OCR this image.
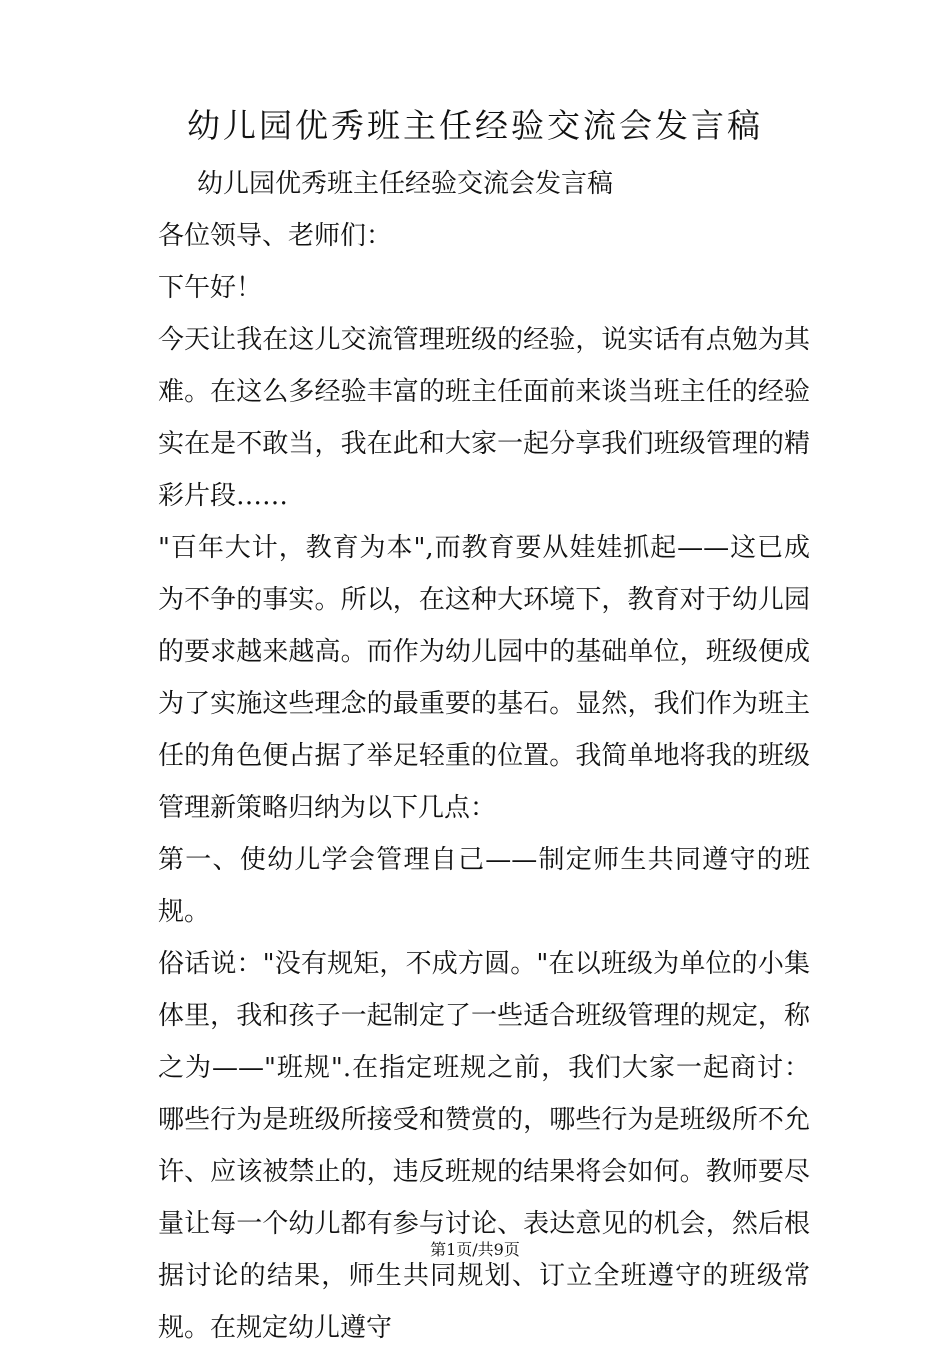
幼儿园优秀班主任经验交流会发言稿

幼儿园优秀班主任经验交流会发言稿

各位领导、老师们：

下午好！

今天让我在这儿交流管理班级的经验，说实话有点勉为其难。在这么多经验丰富的班主任面前来谈当班主任的经验实在是不敢当，我在此和大家一起分享我们班级管理的精彩片段……

"百年大计，教育为本",而教育要从娃娃抓起——这已成为不争的事实。所以，在这种大环境下，教育对于幼儿园的要求越来越高。而作为幼儿园中的基础单位，班级便成为了实施这些理念的最重要的基石。显然，我们作为班主任的角色便占据了举足轻重的位置。我简单地将我的班级管理新策略归纳为以下几点：

第一、使幼儿学会管理自己——制定师生共同遵守的班规。

俗话说："没有规矩，不成方圆。"在以班级为单位的小集体里，我和孩子一起制定了一些适合班级管理的规定，称之为——"班规".在指定班规之前，我们大家一起商讨：哪些行为是班级所接受和赞赏的，哪些行为是班级所不允许、应该被禁止的，违反班规的结果将会如何。教师要尽量让每一个幼儿都有参与讨论、表达意见的机会，然后根据讨论的结果，师生共同规划、订立全班遵守的班级常规。在规定幼儿遵守

第1页/共9页
